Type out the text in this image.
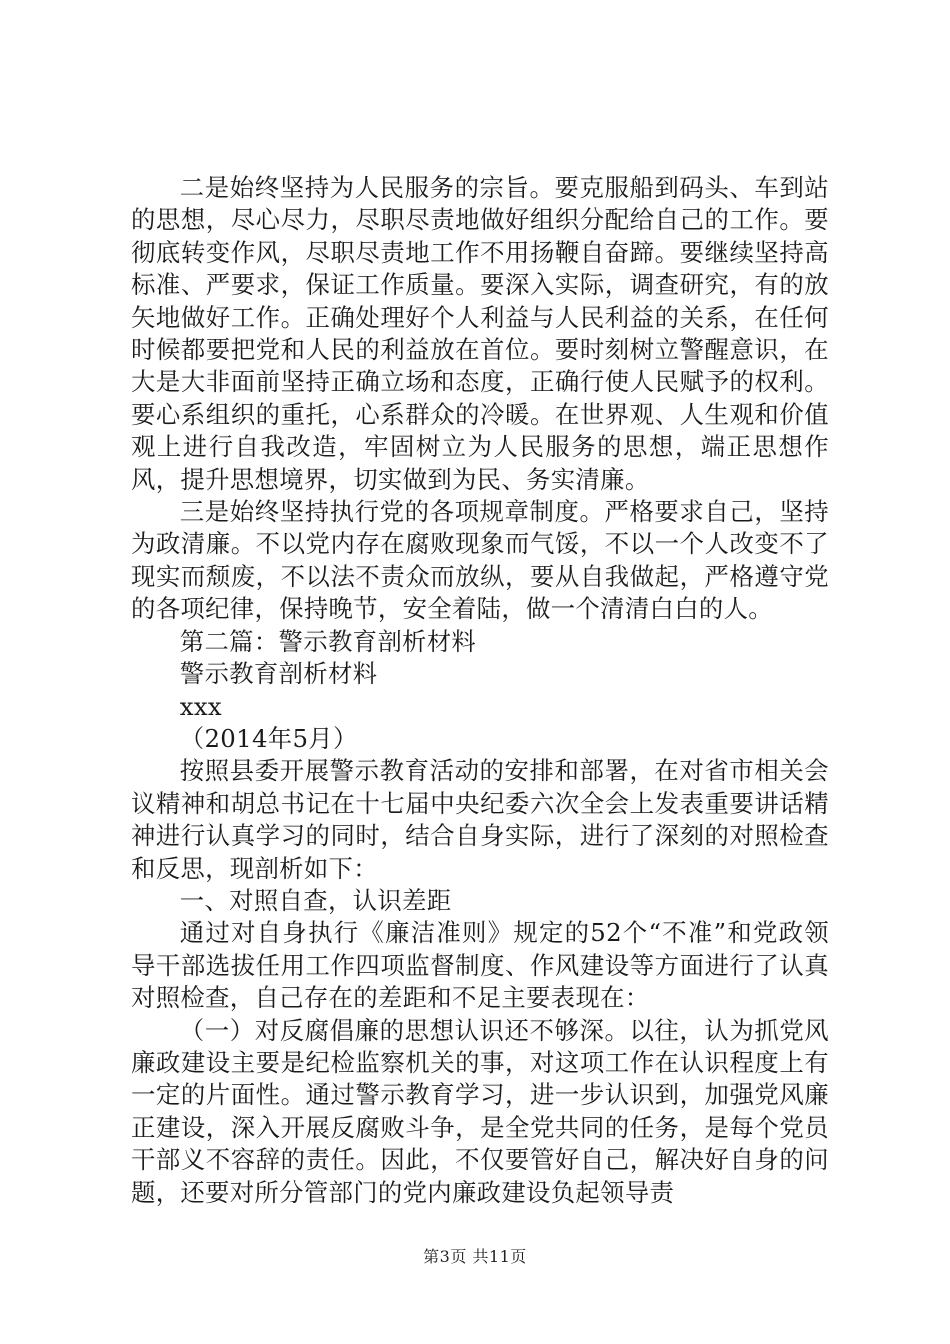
二是始终坚持为人民服务的宗旨。要克服船到码头、车到站的思想，尽心尽力，尽职尽责地做好组织分配给自己的工作。要彻底转变作风，尽职尽责地工作不用扬鞭自奋蹄。要继续坚持高标准、严要求，保证工作质量。要深入实际，调查研究，有的放矢地做好工作。正确处理好个人利益与人民利益的关系，在任何时候都要把党和人民的利益放在首位。要时刻树立警醒意识，在大是大非面前坚持正确立场和态度，正确行使人民赋予的权利。要心系组织的重托，心系群众的冷暖。在世界观、人生观和价值观上进行自我改造，牢固树立为人民服务的思想，端正思想作风，提升思想境界，切实做到为民、务实清廉。

三是始终坚持执行党的各项规章制度。严格要求自己，坚持为政清廉。不以党内存在腐败现象而气馁，不以一个人改变不了现实而颓废，不以法不责众而放纵，要从自我做起，严格遵守党的各项纪律，保持晚节，安全着陆，做一个清清白白的人。

第二篇：警示教育剖析材料

警示教育剖析材料

xxx

（2014年5月）

按照县委开展警示教育活动的安排和部署，在对省市相关会议精神和胡总书记在十七届中央纪委六次全会上发表重要讲话精神进行认真学习的同时，结合自身实际，进行了深刻的对照检查和反思，现剖析如下：

一、对照自查，认识差距

通过对自身执行《廉洁准则》规定的52个“不准”和党政领导干部选拔任用工作四项监督制度、作风建设等方面进行了认真对照检查，自己存在的差距和不足主要表现在：

（一）对反腐倡廉的思想认识还不够深。以往，认为抓党风廉政建设主要是纪检监察机关的事，对这项工作在认识程度上有一定的片面性。通过警示教育学习，进一步认识到，加强党风廉正建设，深入开展反腐败斗争，是全党共同的任务，是每个党员干部义不容辞的责任。因此，不仅要管好自己，解决好自身的问题，还要对所分管部门的党内廉政建设负起领导责

第3页 共11页
